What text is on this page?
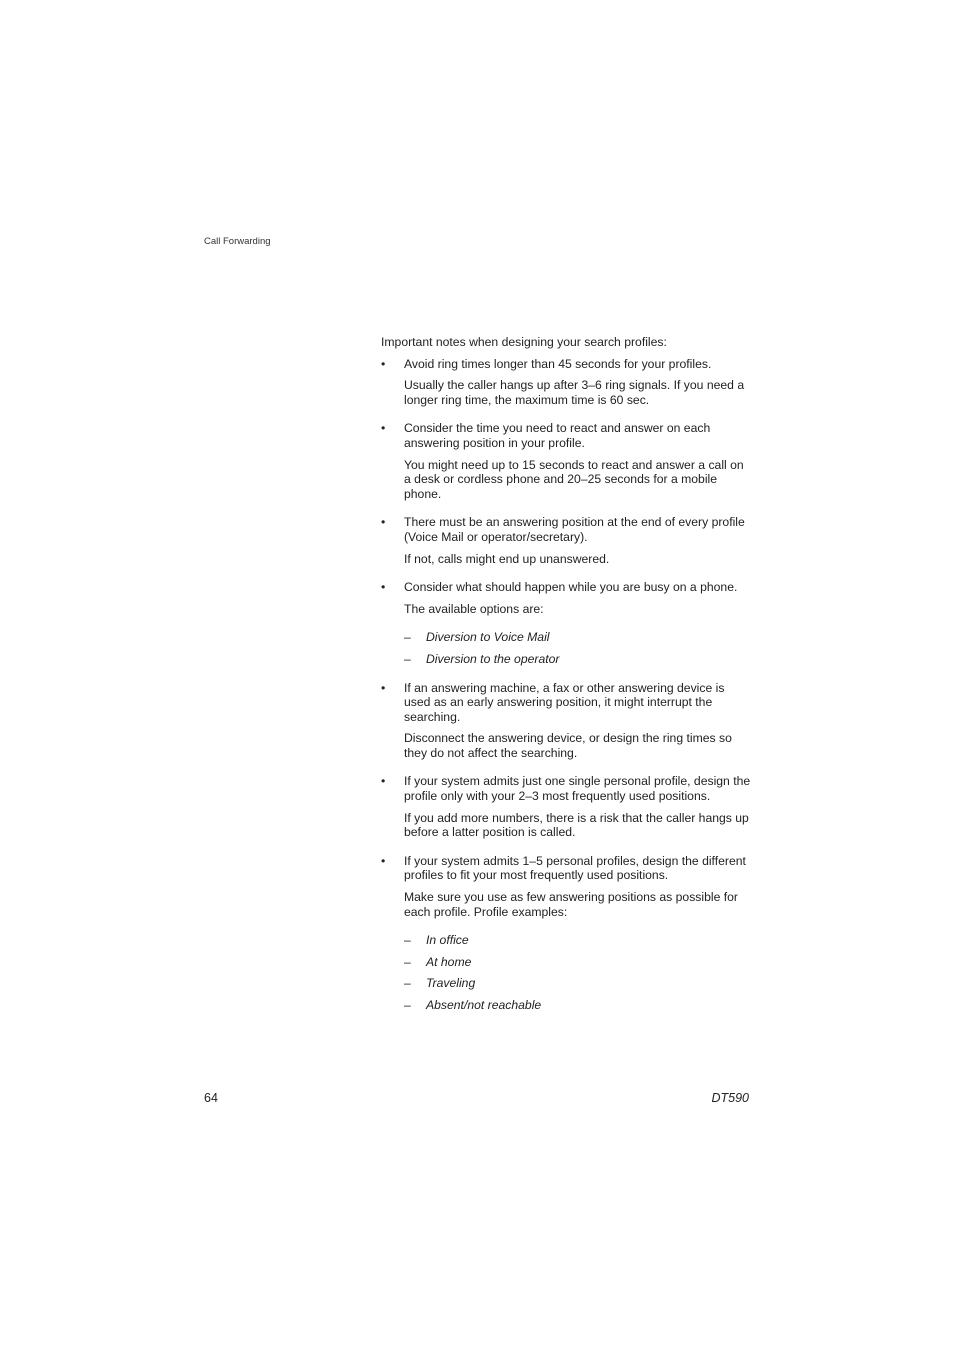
Call Forwarding

Important notes when designing your search profiles:

• Avoid ring times longer than 45 seconds for your profiles.

Usually the caller hangs up after 3–6 ring signals. If you need a longer ring time, the maximum time is 60 sec.

• Consider the time you need to react and answer on each answering position in your profile.

You might need up to 15 seconds to react and answer a call on a desk or cordless phone and 20–25 seconds for a mobile phone.

• There must be an answering position at the end of every profile (Voice Mail or operator/secretary).

If not, calls might end up unanswered.

• Consider what should happen while you are busy on a phone.

The available options are:

– Diversion to Voice Mail
– Diversion to the operator
• If an answering machine, a fax or other answering device is used as an early answering position, it might interrupt the searching.

Disconnect the answering device, or design the ring times so they do not affect the searching.

• If your system admits just one single personal profile, design the profile only with your 2–3 most frequently used positions.

If you add more numbers, there is a risk that the caller hangs up before a latter position is called.

• If your system admits 1–5 personal profiles, design the different profiles to fit your most frequently used positions.

Make sure you use as few answering positions as possible for each profile. Profile examples:

– In office
– At home
– Traveling
– Absent/not reachable
64	DT590
